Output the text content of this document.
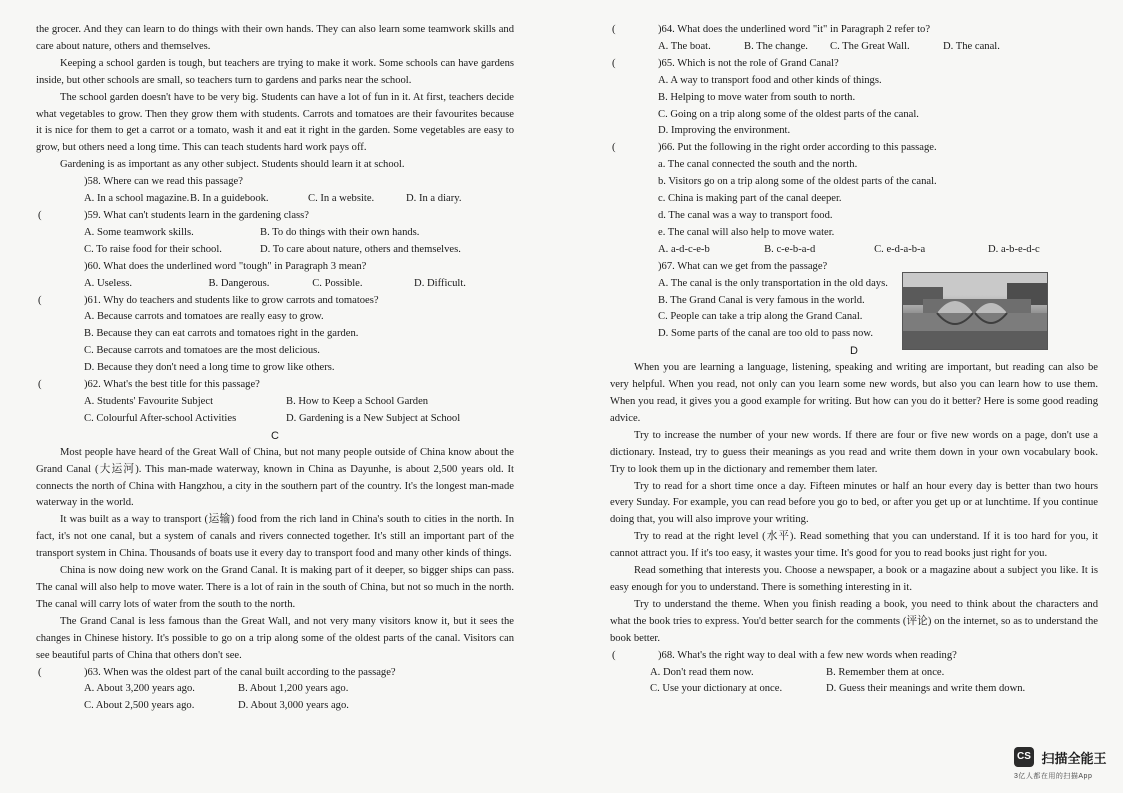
the grocer. And they can learn to do things with their own hands. They can also learn some teamwork skills and care about nature, others and themselves.

Keeping a school garden is tough, but teachers are trying to make it work. Some schools can have gardens inside, but other schools are small, so teachers turn to gardens and parks near the school.

The school garden doesn't have to be very big. Students can have a lot of fun in it. At first, teachers decide what vegetables to grow. Then they grow them with students. Carrots and tomatoes are their favourites because it is nice for them to get a carrot or a tomato, wash it and eat it right in the garden. Some vegetables are easy to grow, but others need a long time. This can teach students hard work pays off.

Gardening is as important as any other subject. Students should learn it at school.

)58. Where can we read this passage?
A. In a school magazine. B. In a guidebook.	C. In a website.	D. In a diary.
(	)59. What can't students learn in the gardening class?
A. Some teamwork skills.	B. To do things with their own hands.
C. To raise food for their school.	D. To care about nature, others and themselves.
)60. What does the underlined word "tough" in Paragraph 3 mean?
A. Useless.	B. Dangerous.	C. Possible.	D. Difficult.
(	)61. Why do teachers and students like to grow carrots and tomatoes?
A. Because carrots and tomatoes are really easy to grow.
B. Because they can eat carrots and tomatoes right in the garden.
C. Because carrots and tomatoes are the most delicious.
D. Because they don't need a long time to grow like others.
(	)62. What's the best title for this passage?
A. Students' Favourite Subject	B. How to Keep a School Garden
C. Colourful After-school Activities	D. Gardening is a New Subject at School
C

Most people have heard of the Great Wall of China, but not many people outside of China know about the Grand Canal (大运河). This man-made waterway, known in China as Dayunhe, is about 2,500 years old. It connects the north of China with Hangzhou, a city in the southern part of the country. It's the longest man-made waterway in the world.

It was built as a way to transport (运输) food from the rich land in China's south to cities in the north. In fact, it's not one canal, but a system of canals and rivers connected together. It's still an important part of the transport system in China. Thousands of boats use it every day to transport food and many other kinds of things.

China is now doing new work on the Grand Canal. It is making part of it deeper, so bigger ships can pass. The canal will also help to move water. There is a lot of rain in the south of China, but not so much in the north. The canal will carry lots of water from the south to the north.

The Grand Canal is less famous than the Great Wall, and not very many visitors know it, but it sees the changes in Chinese history. It's possible to go on a trip along some of the oldest parts of the canal. Visitors can see beautiful parts of China that others don't see.

(	)63. When was the oldest part of the canal built according to the passage?
A. About 3,200 years ago.	B. About 1,200 years ago.
C. About 2,500 years ago.	D. About 3,000 years ago.
(	)64. What does the underlined word "it" in Paragraph 2 refer to?
A. The boat.	B. The change.	C. The Great Wall.	D. The canal.
(	)65. Which is not the role of Grand Canal?
A. A way to transport food and other kinds of things.
B. Helping to move water from south to north.
C. Going on a trip along some of the oldest parts of the canal.
D. Improving the environment.
(	)66. Put the following in the right order according to this passage.
a. The canal connected the south and the north.
b. Visitors go on a trip along some of the oldest parts of the canal.
c. China is making part of the canal deeper.
d. The canal was a way to transport food.
e. The canal will also help to move water.
A. a-d-c-e-b	B. c-e-b-a-d	C. e-d-a-b-a	D. a-b-e-d-c
)67. What can we get from the passage?
A. The canal is the only transportation in the old days.
B. The Grand Canal is very famous in the world.
C. People can take a trip along the Grand Canal.
D. Some parts of the canal are too old to pass now.
D

When you are learning a language, listening, speaking and writing are important, but reading can also be very helpful. When you read, not only can you learn some new words, but also you can learn how to use them. When you read, it gives you a good example for writing. But how can you do it better? Here is some good reading advice.

Try to increase the number of your new words. If there are four or five new words on a page, don't use a dictionary. Instead, try to guess their meanings as you read and write them down in your own vocabulary book. Try to look them up in the dictionary and remember them later.

Try to read for a short time once a day. Fifteen minutes or half an hour every day is better than two hours every Sunday. For example, you can read before you go to bed, or after you get up or at lunchtime. If you continue doing that, you will also improve your writing.

Try to read at the right level (水平). Read something that you can understand. If it is too hard for you, it cannot attract you. If it's too easy, it wastes your time. It's good for you to read books just right for you.

Read something that interests you. Choose a newspaper, a book or a magazine about a subject you like. It is easy enough for you to understand. There is something interesting in it.

Try to understand the theme. When you finish reading a book, you need to think about the characters and what the book tries to express. You'd better search for the comments (评论) on the internet, so as to understand the book better.

(	)68. What's the right way to deal with a few new words when reading?
A. Don't read them now.	B. Remember them at once.
C. Use your dictionary at once.	D. Guess their meanings and write them down.
CS 扫描全能王
3亿人都在用的扫描App
